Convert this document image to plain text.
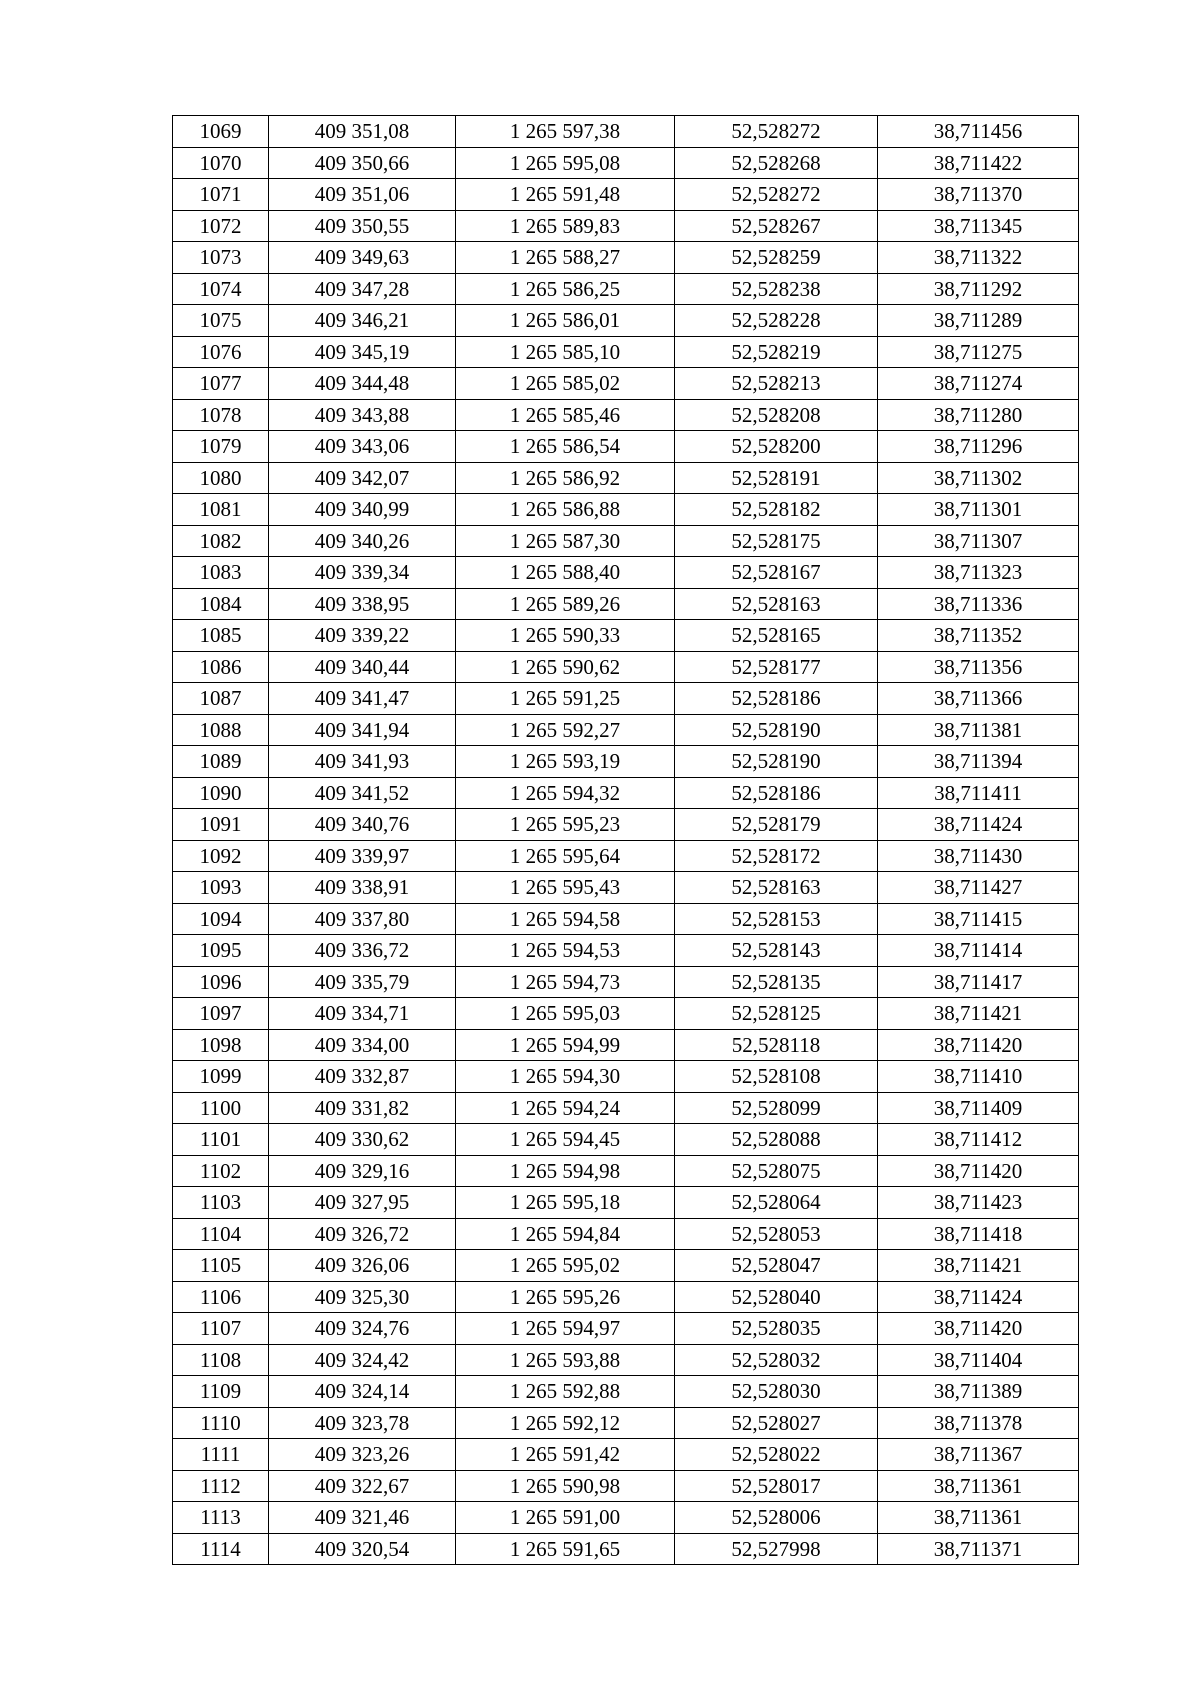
1069	409 351,08	1 265 597,38	52,528272	38,711456
1070	409 350,66	1 265 595,08	52,528268	38,711422
1071	409 351,06	1 265 591,48	52,528272	38,711370
1072	409 350,55	1 265 589,83	52,528267	38,711345
1073	409 349,63	1 265 588,27	52,528259	38,711322
1074	409 347,28	1 265 586,25	52,528238	38,711292
1075	409 346,21	1 265 586,01	52,528228	38,711289
1076	409 345,19	1 265 585,10	52,528219	38,711275
1077	409 344,48	1 265 585,02	52,528213	38,711274
1078	409 343,88	1 265 585,46	52,528208	38,711280
1079	409 343,06	1 265 586,54	52,528200	38,711296
1080	409 342,07	1 265 586,92	52,528191	38,711302
1081	409 340,99	1 265 586,88	52,528182	38,711301
1082	409 340,26	1 265 587,30	52,528175	38,711307
1083	409 339,34	1 265 588,40	52,528167	38,711323
1084	409 338,95	1 265 589,26	52,528163	38,711336
1085	409 339,22	1 265 590,33	52,528165	38,711352
1086	409 340,44	1 265 590,62	52,528177	38,711356
1087	409 341,47	1 265 591,25	52,528186	38,711366
1088	409 341,94	1 265 592,27	52,528190	38,711381
1089	409 341,93	1 265 593,19	52,528190	38,711394
1090	409 341,52	1 265 594,32	52,528186	38,711411
1091	409 340,76	1 265 595,23	52,528179	38,711424
1092	409 339,97	1 265 595,64	52,528172	38,711430
1093	409 338,91	1 265 595,43	52,528163	38,711427
1094	409 337,80	1 265 594,58	52,528153	38,711415
1095	409 336,72	1 265 594,53	52,528143	38,711414
1096	409 335,79	1 265 594,73	52,528135	38,711417
1097	409 334,71	1 265 595,03	52,528125	38,711421
1098	409 334,00	1 265 594,99	52,528118	38,711420
1099	409 332,87	1 265 594,30	52,528108	38,711410
1100	409 331,82	1 265 594,24	52,528099	38,711409
1101	409 330,62	1 265 594,45	52,528088	38,711412
1102	409 329,16	1 265 594,98	52,528075	38,711420
1103	409 327,95	1 265 595,18	52,528064	38,711423
1104	409 326,72	1 265 594,84	52,528053	38,711418
1105	409 326,06	1 265 595,02	52,528047	38,711421
1106	409 325,30	1 265 595,26	52,528040	38,711424
1107	409 324,76	1 265 594,97	52,528035	38,711420
1108	409 324,42	1 265 593,88	52,528032	38,711404
1109	409 324,14	1 265 592,88	52,528030	38,711389
1110	409 323,78	1 265 592,12	52,528027	38,711378
1111	409 323,26	1 265 591,42	52,528022	38,711367
1112	409 322,67	1 265 590,98	52,528017	38,711361
1113	409 321,46	1 265 591,00	52,528006	38,711361
1114	409 320,54	1 265 591,65	52,527998	38,711371
